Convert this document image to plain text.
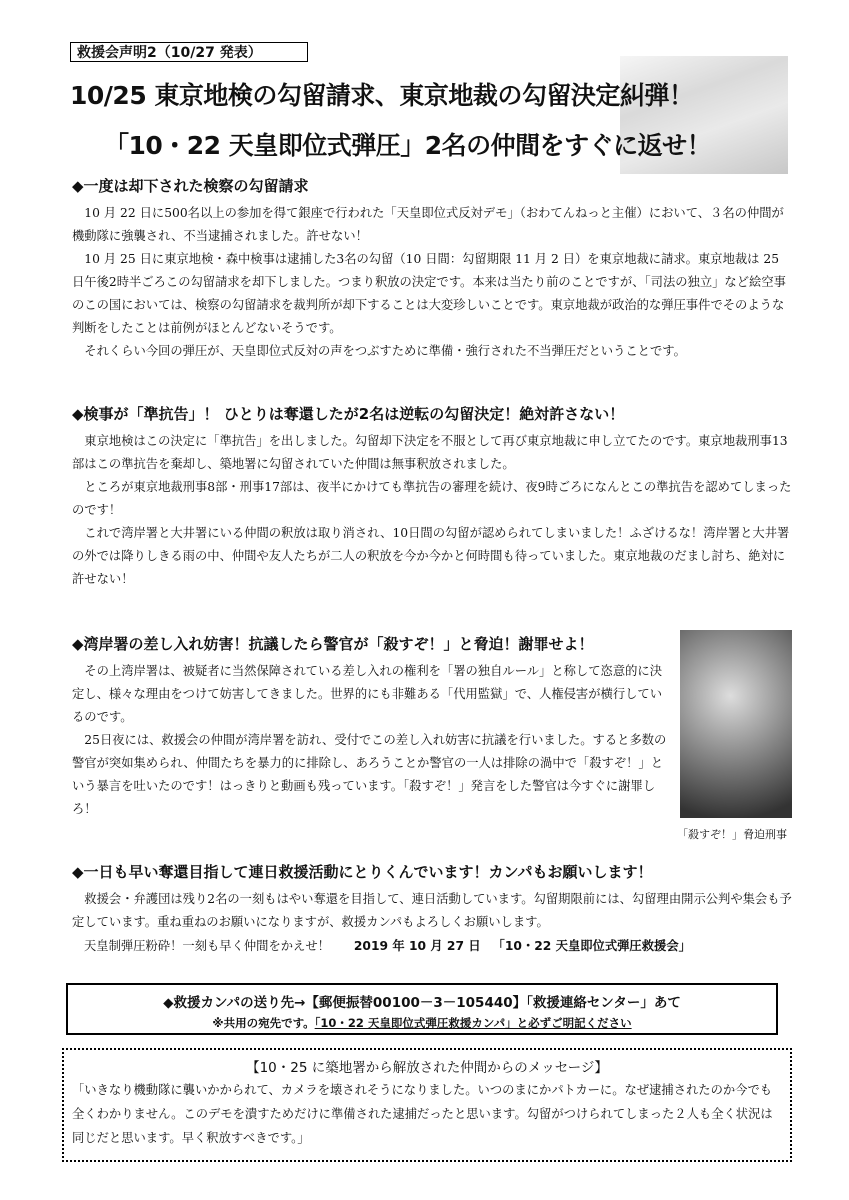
救援会声明2（10/27 発表）
10/25 東京地検の勾留請求、東京地裁の勾留決定糾弾！
「10・22 天皇即位式弾圧」2名の仲間をすぐに返せ！

◆一度は却下された検察の勾留請求

10 月 22 日に500名以上の参加を得て銀座で行われた「天皇即位式反対デモ」（おわてんねっと主催）において、３名の仲間が機動隊に強襲され、不当逮捕されました。許せない！

10 月 25 日に東京地検・森中検事は逮捕した3名の勾留（10 日間：勾留期限 11 月 2 日）を東京地裁に請求。東京地裁は 25 日午後2時半ごろこの勾留請求を却下しました。つまり釈放の決定です。本来は当たり前のことですが、「司法の独立」など絵空事のこの国においては、検察の勾留請求を裁判所が却下することは大変珍しいことです。東京地裁が政治的な弾圧事件でそのような判断をしたことは前例がほとんどないそうです。

それくらい今回の弾圧が、天皇即位式反対の声をつぶすために準備・強行された不当弾圧だということです。

◆検事が「準抗告」！ ひとりは奪還したが2名は逆転の勾留決定！絶対許さない！

東京地検はこの決定に「準抗告」を出しました。勾留却下決定を不服として再び東京地裁に申し立てたのです。東京地裁刑事13部はこの準抗告を棄却し、築地署に勾留されていた仲間は無事釈放されました。

ところが東京地裁刑事8部・刑事17部は、夜半にかけても準抗告の審理を続け、夜9時ごろになんとこの準抗告を認めてしまったのです！

これで湾岸署と大井署にいる仲間の釈放は取り消され、10日間の勾留が認められてしまいました！ふざけるな！湾岸署と大井署の外では降りしきる雨の中、仲間や友人たちが二人の釈放を今か今かと何時間も待っていました。東京地裁のだまし討ち、絶対に許せない！

◆湾岸署の差し入れ妨害！抗議したら警官が「殺すぞ！」と脅迫！謝罪せよ！

その上湾岸署は、被疑者に当然保障されている差し入れの権利を「署の独自ルール」と称して恣意的に決定し、様々な理由をつけて妨害してきました。世界的にも非難ある「代用監獄」で、人権侵害が横行しているのです。

25日夜には、救援会の仲間が湾岸署を訪れ、受付でこの差し入れ妨害に抗議を行いました。すると多数の警官が突如集められ、仲間たちを暴力的に排除し、あろうことか警官の一人は排除の渦中で「殺すぞ！」という暴言を吐いたのです！はっきりと動画も残っています。「殺すぞ！」発言をした警官は今すぐに謝罪しろ！

「殺すぞ！」脅迫刑事

◆一日も早い奪還目指して連日救援活動にとりくんでいます！カンパもお願いします！

救援会・弁護団は残り2名の一刻もはやい奪還を目指して、連日活動しています。勾留期限前には、勾留理由開示公判や集会も予定しています。重ね重ねのお願いになりますが、救援カンパもよろしくお願いします。

天皇制弾圧粉砕！一刻も早く仲間をかえせ！ 2019 年 10 月 27 日 「10・22 天皇即位式弾圧救援会」
◆救援カンパの送り先→【郵便振替00100－3－105440】「救援連絡センター」あて
※共用の宛先です。「10・22 天皇即位式弾圧救援カンパ」と必ずご明記ください
【10・25 に築地署から解放された仲間からのメッセージ】
「いきなり機動隊に襲いかかられて、カメラを壊されそうになりました。いつのまにかパトカーに。なぜ逮捕されたのか今でも全くわかりません。このデモを潰すためだけに準備された逮捕だったと思います。勾留がつけられてしまった２人も全く状況は同じだと思います。早く釈放すべきです。」
